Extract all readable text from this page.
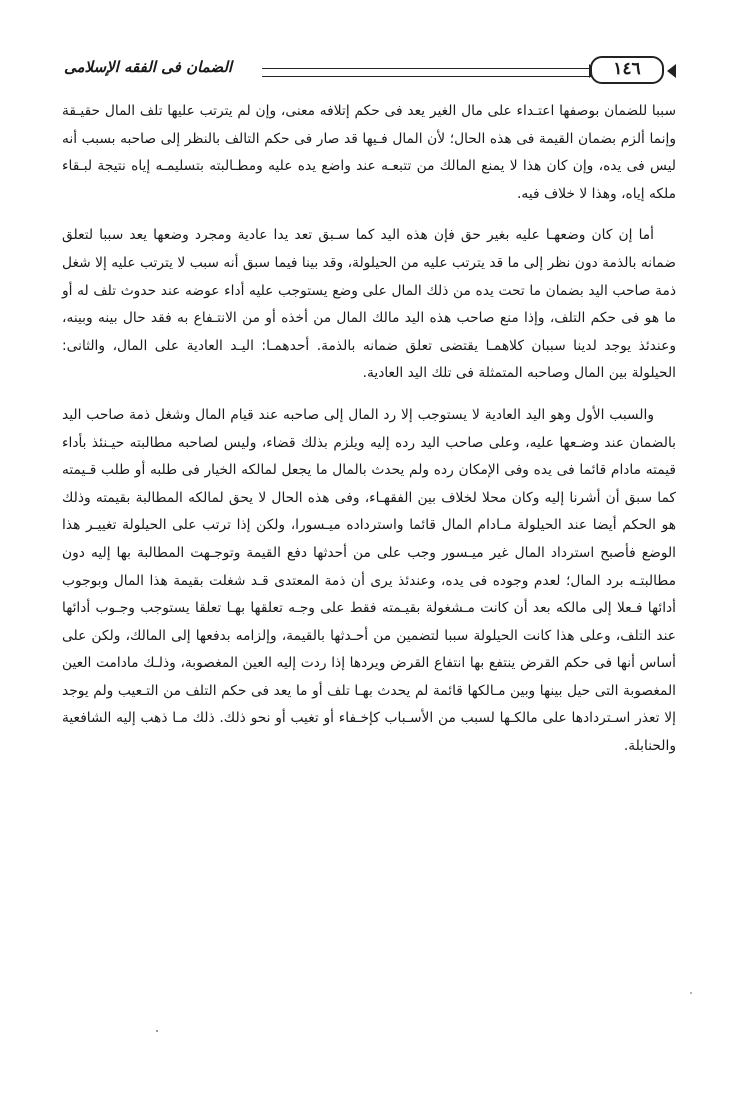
الضمان فى الفقه الإسلامى	١٤٦

سببا للضمان بوصفها اعتـداء على مال الغير يعد فى حكم إتلافه معنى، وإن لم يترتب عليها تلف المال حقيـقة وإنما ألزم بضمان القيمة فى هذه الحال؛ لأن المال فـيها قد صار فى حكم التالف بالنظر إلى صاحبه بسبب أنه ليس فى يده، وإن كان هذا لا يمنع المالك من تتبعـه عند واضع يده عليه ومطـالبته بتسليمـه إياه نتيجة لبـقاء ملكه إياه، وهذا لا خلاف فيه.

أما إن كان وضعهـا عليه بغير حق فإن هذه اليد كما سـبق تعد يدا عادية ومجرد وضعها يعد سببا لتعلق ضمانه بالذمة دون نظر إلى ما قد يترتب عليه من الحيلولة، وقد بينا فيما سبق أنه سبب لا يترتب عليه إلا شغل ذمة صاحب اليد بضمان ما تحت يده من ذلك المال على وضع يستوجب عليه أداء عوضه عند حدوث تلف له أو ما هو فى حكم التلف، وإذا منع صاحب هذه اليد مالك المال من أخذه أو من الانتـفاع به فقد حال بينه وبينه، وعندئذ يوجد لدينا سببان كلاهمـا يقتضى تعلق ضمانه بالذمة. أحدهمـا: اليـد العادية على المال، والثانى: الحيلولة بين المال وصاحبه المتمثلة فى تلك اليد العادية.

والسبب الأول وهو اليد العادية لا يستوجب إلا رد المال إلى صاحبه عند قيام المال وشغل ذمة صاحب اليد بالضمان عند وضـعها عليه، وعلى صاحب اليد رده إليه ويلزم بذلك قضاء، وليس لصاحبه مطالبته حيـنئذ بأداء قيمته مادام قائما فى يده وفى الإمكان رده ولم يحدث بالمال ما يجعل لمالكه الخيار فى طلبه أو طلب قـيمته كما سبق أن أشرنا إليه وكان محلا لخلاف بين الفقهـاء، وفى هذه الحال لا يحق لمالكه المطالبة بقيمته وذلك هو الحكم أيضا عند الحيلولة مـادام المال قائما واسترداده ميـسورا، ولكن إذا ترتب على الحيلولة تغييـر هذا الوضع فأصبح استرداد المال غير ميـسور وجب على من أحدثها دفع القيمة وتوجـهت المطالبة بها إليه دون مطالبتـه برد المال؛ لعدم وجوده فى يده، وعندئذ يرى أن ذمة المعتدى قـد شغلت بقيمة هذا المال وبوجوب أدائها فـعلا إلى مالكه بعد أن كانت مـشغولة بقيـمته فقط على وجـه تعلقها بهـا تعلقا يستوجب وجـوب أدائها عند التلف، وعلى هذا كانت الحيلولة سببا لتضمين من أحـدثها بالقيمة، وإلزامه بدفعها إلى المالك، ولكن على أساس أنها فى حكم القرض ينتفع بها انتفاع القرض ويردها إذا ردت إليه العين المغصوبة، وذلـك مادامت العين المغصوبة التى حيل بينها وبين مـالكها قائمة لم يحدث بهـا تلف أو ما يعد فى حكم التلف من التـعيب ولم يوجد إلا تعذر اسـتردادها على مالكـها لسبب من الأسـباب كإخـفاء أو تغيب أو نحو ذلك. ذلك مـا ذهب إليه الشافعية والحنابلة.
